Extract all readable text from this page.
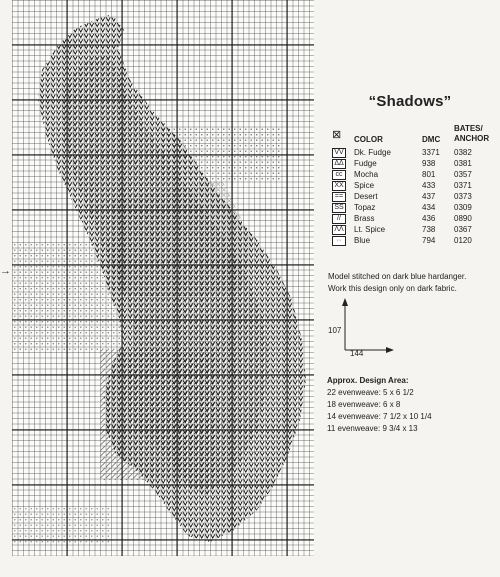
→
“Shadows”
⊠ COLOR	DMC
BATES/
ANCHOR
VV Dk. Fudge	3371 0382
ΔΔ Fudge	938 0381
cc	Mocha	801 0357
XX Spice	433 0371
==	Desert	437 0373
SS Topaz	434 0309
//	Brass	436 0890
ΛΛ Lt. Spice	738 0367
··	Blue	794 0120
Model stitched on dark blue hardanger.
Work this design only on dark fabric.
107
144
Approx. Design Area:
22 evenweave: 5 x 6 1/2
18 evenweave: 6 x 8
14 evenweave: 7 1/2 x 10 1/4
11 evenweave: 9 3/4 x 13
